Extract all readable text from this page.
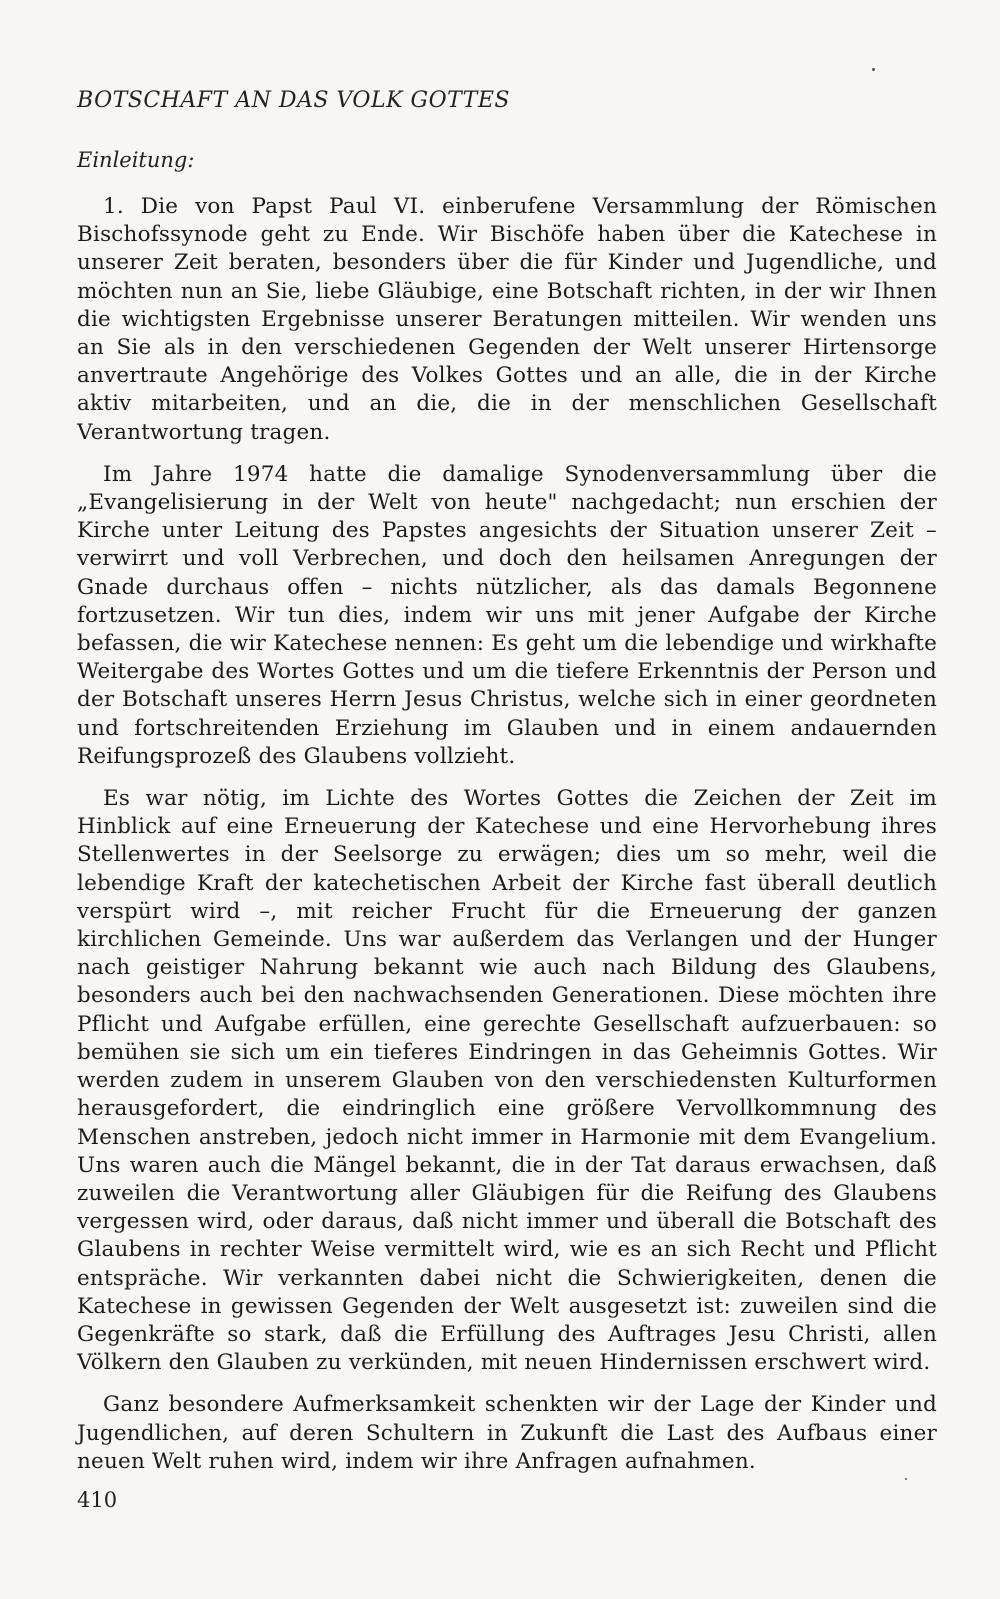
BOTSCHAFT AN DAS VOLK GOTTES
Einleitung:

1. Die von Papst Paul VI. einberufene Versammlung der Römischen Bischofssynode geht zu Ende. Wir Bischöfe haben über die Katechese in unserer Zeit beraten, besonders über die für Kinder und Jugendliche, und möchten nun an Sie, liebe Gläubige, eine Botschaft richten, in der wir Ihnen die wichtigsten Ergebnisse unserer Beratungen mitteilen. Wir wenden uns an Sie als in den verschiedenen Gegenden der Welt unserer Hirtensorge anvertraute Angehörige des Volkes Gottes und an alle, die in der Kirche aktiv mitarbeiten, und an die, die in der menschlichen Gesellschaft Verantwortung tragen.

Im Jahre 1974 hatte die damalige Synodenversammlung über die „Evangelisierung in der Welt von heute" nachgedacht; nun erschien der Kirche unter Leitung des Papstes angesichts der Situation unserer Zeit – verwirrt und voll Verbrechen, und doch den heilsamen Anregungen der Gnade durchaus offen – nichts nützlicher, als das damals Begonnene fortzusetzen. Wir tun dies, indem wir uns mit jener Aufgabe der Kirche befassen, die wir Katechese nennen: Es geht um die lebendige und wirkhafte Weitergabe des Wortes Gottes und um die tiefere Erkenntnis der Person und der Botschaft unseres Herrn Jesus Christus, welche sich in einer geordneten und fortschreitenden Erziehung im Glauben und in einem andauernden Reifungsprozeß des Glaubens vollzieht.

Es war nötig, im Lichte des Wortes Gottes die Zeichen der Zeit im Hinblick auf eine Erneuerung der Katechese und eine Hervorhebung ihres Stellenwertes in der Seelsorge zu erwägen; dies um so mehr, weil die lebendige Kraft der katechetischen Arbeit der Kirche fast überall deutlich verspürt wird –, mit reicher Frucht für die Erneuerung der ganzen kirchlichen Gemeinde. Uns war außerdem das Verlangen und der Hunger nach geistiger Nahrung bekannt wie auch nach Bildung des Glaubens, besonders auch bei den nachwachsenden Generationen. Diese möchten ihre Pflicht und Aufgabe erfüllen, eine gerechte Gesellschaft aufzuerbauen: so bemühen sie sich um ein tieferes Eindringen in das Geheimnis Gottes. Wir werden zudem in unserem Glauben von den verschiedensten Kulturformen herausgefordert, die eindringlich eine größere Vervollkommnung des Menschen anstreben, jedoch nicht immer in Harmonie mit dem Evangelium. Uns waren auch die Mängel bekannt, die in der Tat daraus erwachsen, daß zuweilen die Verantwortung aller Gläubigen für die Reifung des Glaubens vergessen wird, oder daraus, daß nicht immer und überall die Botschaft des Glaubens in rechter Weise vermittelt wird, wie es an sich Recht und Pflicht entspräche. Wir verkannten dabei nicht die Schwierigkeiten, denen die Katechese in gewissen Gegenden der Welt ausgesetzt ist: zuweilen sind die Gegenkräfte so stark, daß die Erfüllung des Auftrages Jesu Christi, allen Völkern den Glauben zu verkünden, mit neuen Hindernissen erschwert wird.

Ganz besondere Aufmerksamkeit schenkten wir der Lage der Kinder und Jugendlichen, auf deren Schultern in Zukunft die Last des Aufbaus einer neuen Welt ruhen wird, indem wir ihre Anfragen aufnahmen.

410
